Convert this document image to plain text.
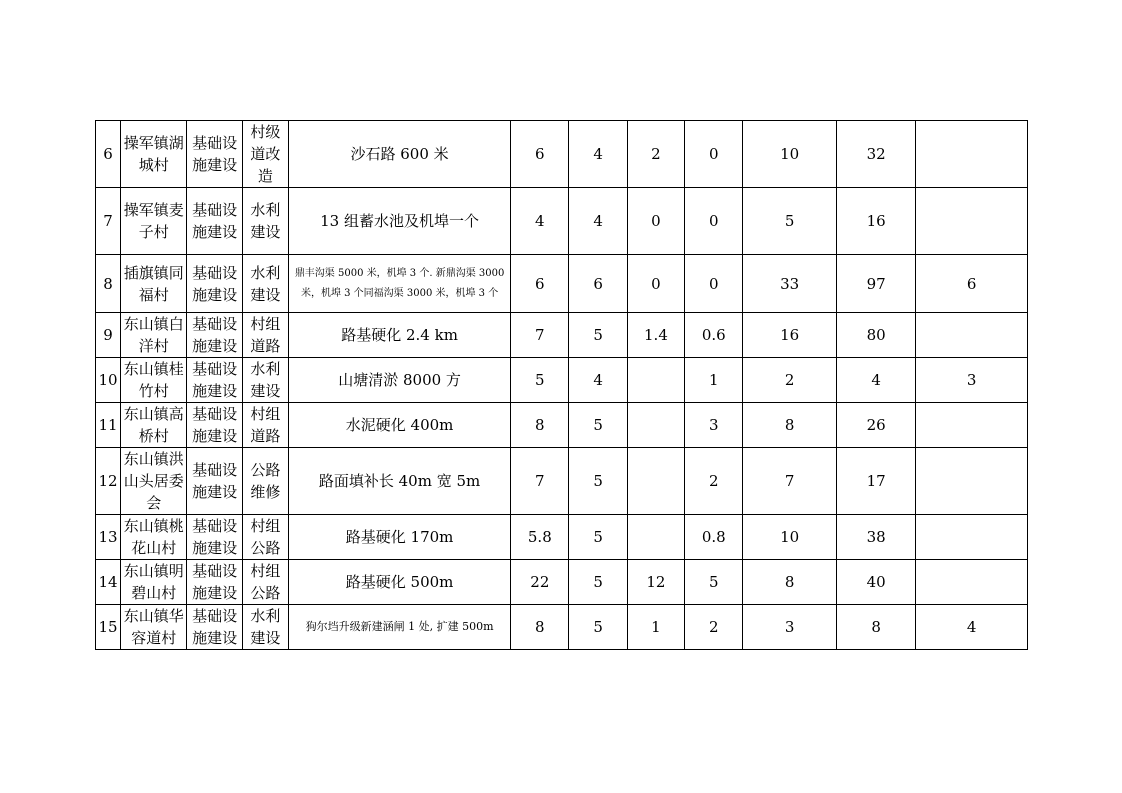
6	操军镇湖城村	基础设施建设	村级道改造	沙石路 600 米	6	4	2	0	10	32	
7	操军镇麦子村	基础设施建设	水利建设	13 组蓄水池及机埠一个	4	4	0	0	5	16	
8	插旗镇同福村	基础设施建设	水利建设	鼎丰沟渠 5000 米，机埠 3 个. 新鼎沟渠 3000 米，机埠 3 个同福沟渠 3000 米，机埠 3 个	6	6	0	0	33	97	6
9	东山镇白洋村	基础设施建设	村组道路	路基硬化 2.4 km	7	5	1.4	0.6	16	80	
10	东山镇桂竹村	基础设施建设	水利建设	山塘清淤 8000 方	5	4		1	2	4	3
11	东山镇高桥村	基础设施建设	村组道路	水泥硬化 400m	8	5		3	8	26	
12	东山镇洪山头居委会	基础设施建设	公路维修	路面填补长 40m 宽 5m	7	5		2	7	17	
13	东山镇桃花山村	基础设施建设	村组公路	路基硬化 170m	5.8	5		0.8	10	38	
14	东山镇明碧山村	基础设施建设	村组公路	路基硬化 500m	22	5	12	5	8	40	
15	东山镇华容道村	基础设施建设	水利建设	狗尔垱升级新建涵闸 1 处, 扩建 500m	8	5	1	2	3	8	4
